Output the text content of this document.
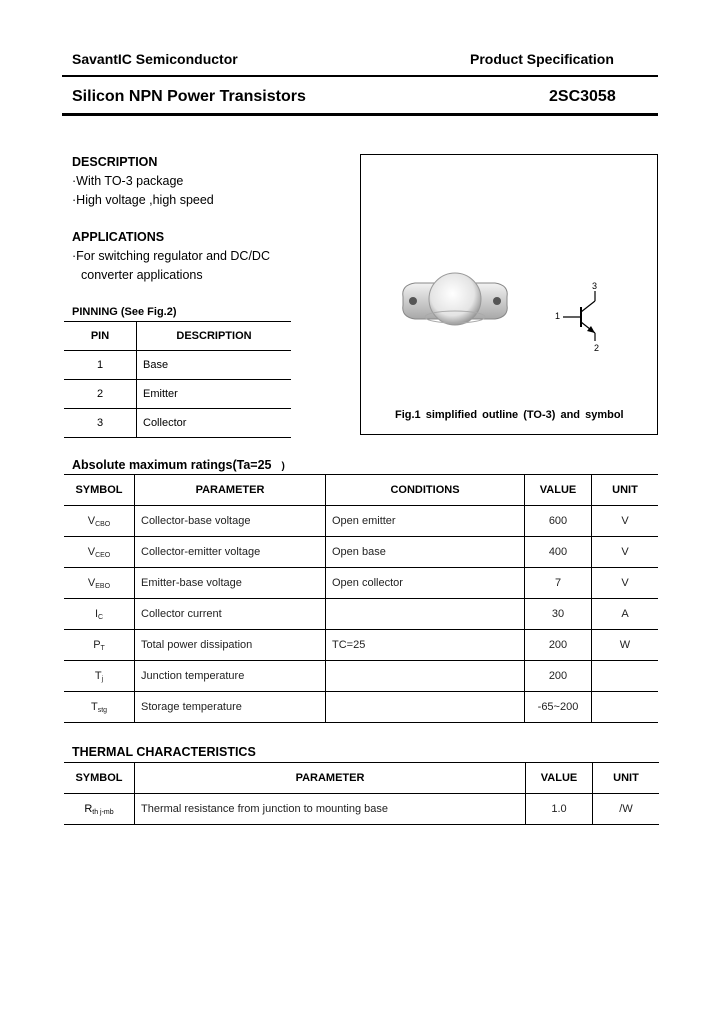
SavantIC Semiconductor	Product Specification
Silicon NPN Power Transistors	2SC3058
DESCRIPTION
·With TO-3 package
·High voltage ,high speed
APPLICATIONS
·For switching regulator and DC/DC
converter applications
PINNING (See Fig.2)
PIN	DESCRIPTION
1	Base
2	Emitter
3	Collector
1
2
3
Fig.1 simplified outline (TO-3) and symbol
Absolute maximum ratings(Ta=25 )
SYMBOL	PARAMETER	CONDITIONS	VALUE	UNIT
$V_{CBO}$	Collector-base voltage	Open emitter	600	V
$V_{CEO}$	Collector-emitter voltage	Open base	400	V
$V_{EBO}$	Emitter-base voltage	Open collector	7	V
$I_C$	Collector current		30	A
$P_T$	Total power dissipation	TC=25	200	W
$T_j$	Junction temperature		200	
$T_{stg}$	Storage temperature		-65~200	
THERMAL CHARACTERISTICS
SYMBOL	PARAMETER	VALUE	UNIT
$R_{th j-mb}$	Thermal resistance from junction to mounting base	1.0	/W
